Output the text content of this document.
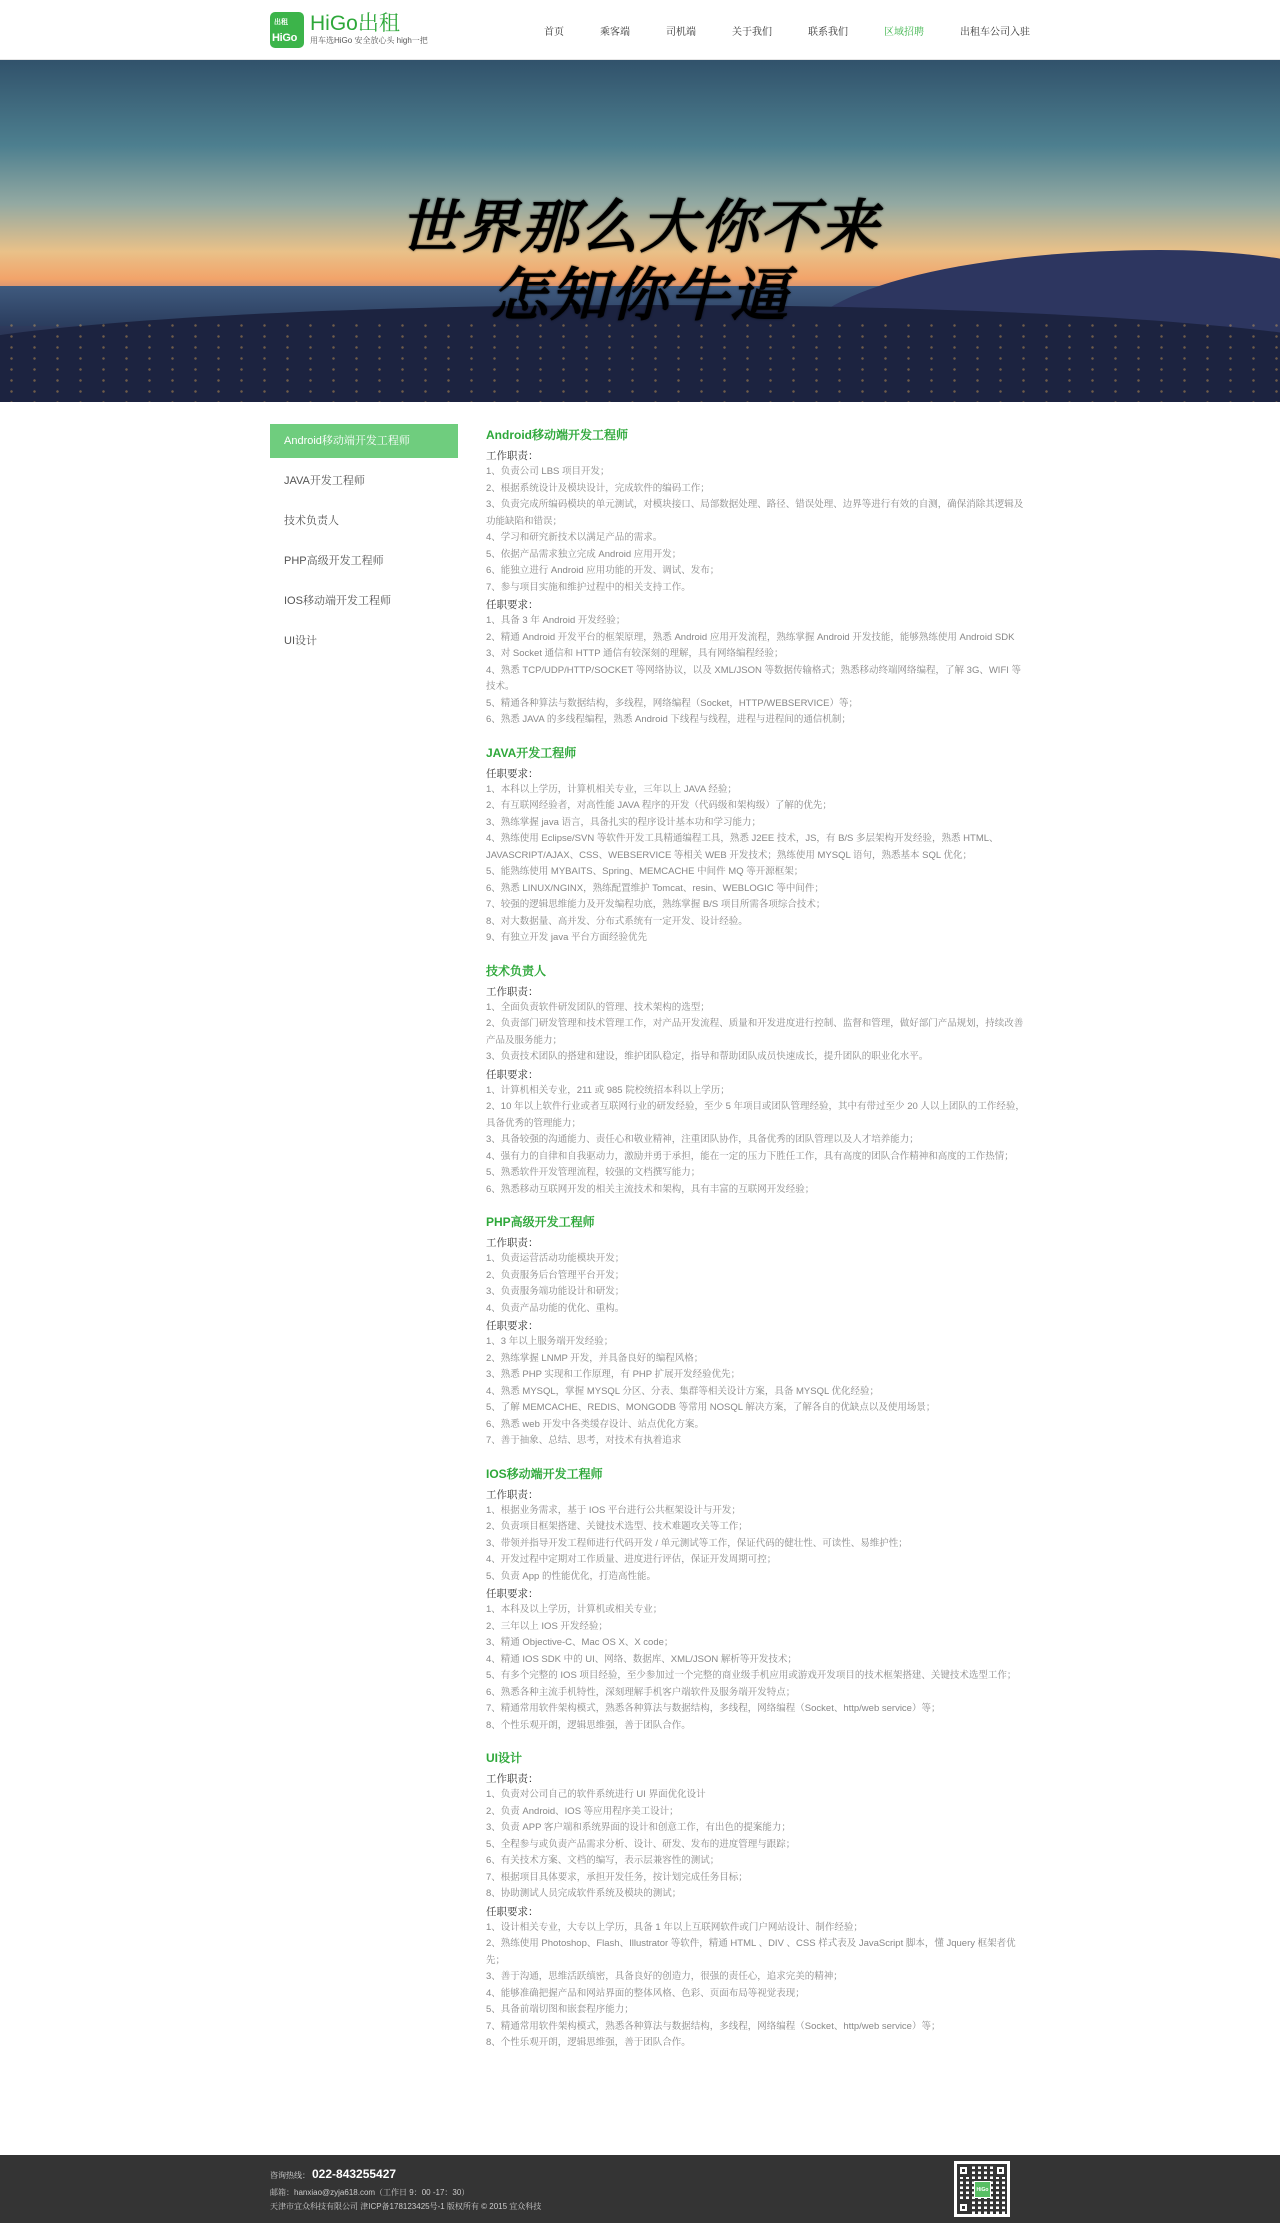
出租
HiGo
HiGo出租
用车选HiGo 安全放心头 high一把
首页	乘客端	司机端	关于我们	联系我们	区域招聘	出租车公司入驻
世界那么大你不来
怎知你牛逼
Android移动端开发工程师
JAVA开发工程师
技术负责人
PHP高级开发工程师
IOS移动端开发工程师
UI设计
Android移动端开发工程师
工作职责：

1、负责公司 LBS 项目开发；

2、根据系统设计及模块设计，完成软件的编码工作；

3、负责完成所编码模块的单元测试，对模块接口、局部数据处理、路径、错误处理、边界等进行有效的自测，确保消除其逻辑及功能缺陷和错误；

4、学习和研究新技术以满足产品的需求。

5、依据产品需求独立完成 Android 应用开发；

6、能独立进行 Android 应用功能的开发、调试、发布；

7、参与项目实施和维护过程中的相关支持工作。

任职要求：

1、具备 3 年 Android 开发经验；

2、精通 Android 开发平台的框架原理，熟悉 Android 应用开发流程，熟练掌握 Android 开发技能，能够熟练使用 Android SDK

3、对 Socket 通信和 HTTP 通信有较深刻的理解，具有网络编程经验；

4、熟悉 TCP/UDP/HTTP/SOCKET 等网络协议，以及 XML/JSON 等数据传输格式；熟悉移动终端网络编程，了解 3G、WIFI 等技术。

5、精通各种算法与数据结构，多线程，网络编程（Socket，HTTP/WEBSERVICE）等；

6、熟悉 JAVA 的多线程编程，熟悉 Android 下线程与线程，进程与进程间的通信机制；

JAVA开发工程师
任职要求：

1、本科以上学历，计算机相关专业，三年以上 JAVA 经验；

2、有互联网经验者，对高性能 JAVA 程序的开发（代码级和架构级）了解的优先；

3、熟练掌握 java 语言，具备扎实的程序设计基本功和学习能力；

4、熟练使用 Eclipse/SVN 等软件开发工具精通编程工具，熟悉 J2EE 技术，JS，有 B/S 多层架构开发经验，熟悉 HTML、JAVASCRIPT/AJAX、CSS、WEBSERVICE 等相关 WEB 开发技术；熟练使用 MYSQL 语句，熟悉基本 SQL 优化；

5、能熟练使用 MYBAITS、Spring、MEMCACHE 中间件 MQ 等开源框架；

6、熟悉 LINUX/NGINX，熟练配置维护 Tomcat、resin、WEBLOGIC 等中间件；

7、较强的逻辑思维能力及开发编程功底，熟练掌握 B/S 项目所需各项综合技术；

8、对大数据量、高并发、分布式系统有一定开发、设计经验。

9、有独立开发 java 平台方面经验优先

技术负责人
工作职责：

1、全面负责软件研发团队的管理、技术架构的选型；

2、负责部门研发管理和技术管理工作，对产品开发流程、质量和开发进度进行控制、监督和管理，做好部门产品规划，持续改善产品及服务能力；

3、负责技术团队的搭建和建设，维护团队稳定，指导和帮助团队成员快速成长，提升团队的职业化水平。

任职要求：

1、计算机相关专业，211 或 985 院校统招本科以上学历；

2、10 年以上软件行业或者互联网行业的研发经验，至少 5 年项目或团队管理经验，其中有带过至少 20 人以上团队的工作经验，具备优秀的管理能力；

3、具备较强的沟通能力、责任心和敬业精神，注重团队协作，具备优秀的团队管理以及人才培养能力；

4、强有力的自律和自我驱动力，激励并勇于承担，能在一定的压力下胜任工作，具有高度的团队合作精神和高度的工作热情；

5、熟悉软件开发管理流程，较强的文档撰写能力；

6、熟悉移动互联网开发的相关主流技术和架构，具有丰富的互联网开发经验；

PHP高级开发工程师
工作职责：

1、负责运营活动功能模块开发；

2、负责服务后台管理平台开发；

3、负责服务端功能设计和研发；

4、负责产品功能的优化、重构。

任职要求：

1、3 年以上服务端开发经验；

2、熟练掌握 LNMP 开发，并具备良好的编程风格；

3、熟悉 PHP 实现和工作原理，有 PHP 扩展开发经验优先；

4、熟悉 MYSQL，掌握 MYSQL 分区、分表、集群等相关设计方案，具备 MYSQL 优化经验；

5、了解 MEMCACHE、REDIS、MONGODB 等常用 NOSQL 解决方案，了解各自的优缺点以及使用场景；

6、熟悉 web 开发中各类缓存设计、站点优化方案。

7、善于抽象、总结、思考，对技术有执着追求

IOS移动端开发工程师
工作职责：

1、根据业务需求，基于 IOS 平台进行公共框架设计与开发；

2、负责项目框架搭建、关键技术选型、技术难题攻关等工作；

3、带领并指导开发工程师进行代码开发 / 单元测试等工作，保证代码的健壮性、可读性、易维护性；

4、开发过程中定期对工作质量、进度进行评估，保证开发周期可控；

5、负责 App 的性能优化，打造高性能。

任职要求：

1、本科及以上学历，计算机或相关专业；

2、三年以上 IOS 开发经验；

3、精通 Objective-C、Mac OS X、X code；

4、精通 IOS SDK 中的 UI、网络、数据库、XML/JSON 解析等开发技术；

5、有多个完整的 IOS 项目经验，至少参加过一个完整的商业级手机应用或游戏开发项目的技术框架搭建、关键技术选型工作；

6、熟悉各种主流手机特性，深刻理解手机客户端软件及服务端开发特点；

7、精通常用软件架构模式，熟悉各种算法与数据结构，多线程，网络编程（Socket、http/web service）等；

8、个性乐观开朗，逻辑思维强，善于团队合作。

UI设计
工作职责：

1、负责对公司自己的软件系统进行 UI 界面优化设计

2、负责 Android、IOS 等应用程序美工设计；

3、负责 APP 客户端和系统界面的设计和创意工作，有出色的提案能力；

5、全程参与或负责产品需求分析、设计、研发、发布的进度管理与跟踪；

6、有关技术方案、文档的编写，表示层兼容性的测试；

7、根据项目具体要求，承担开发任务，按计划完成任务目标；

8、协助测试人员完成软件系统及模块的测试；

任职要求：

1、设计相关专业，大专以上学历，具备 1 年以上互联网软件或门户网站设计、制作经验；

2、熟练使用 Photoshop、Flash、Illustrator 等软件，精通 HTML 、DIV 、CSS 样式表及 JavaScript 脚本，懂 Jquery 框架者优先；

3、善于沟通，思维活跃缜密，具备良好的创造力，很强的责任心，追求完美的精神；

4、能够准确把握产品和网站界面的整体风格、色彩、页面布局等视觉表现；

5、具备前端切图和嵌套程序能力；

7、精通常用软件架构模式，熟悉各种算法与数据结构，多线程，网络编程（Socket、http/web service）等；

8、个性乐观开朗，逻辑思维强，善于团队合作。

咨询热线： 022-843255427
邮箱：hanxiao@zyja618.com（工作日 9：00 -17：30）
天津市宜众科技有限公司 津ICP备178123425号-1 版权所有 © 2015 宜众科技
HiGo
